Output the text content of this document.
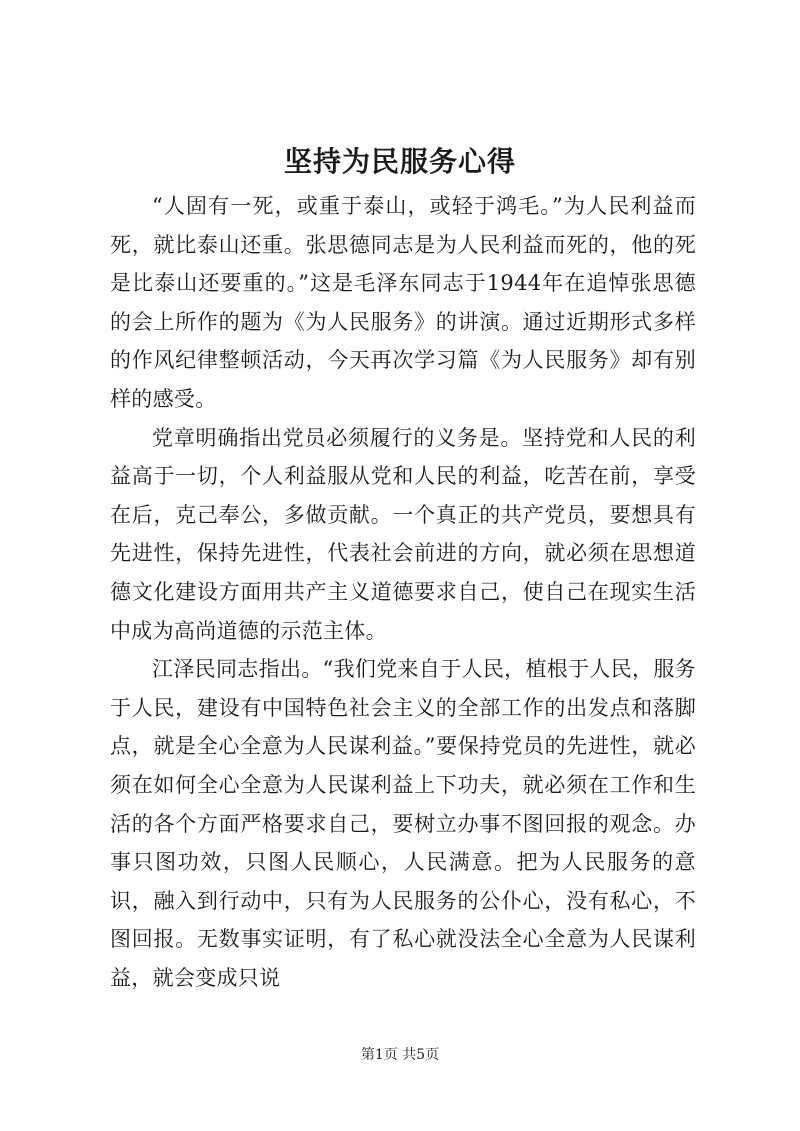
坚持为民服务心得

“人固有一死，或重于泰山，或轻于鸿毛。”为人民利益而死，就比泰山还重。张思德同志是为人民利益而死的，他的死是比泰山还要重的。”这是毛泽东同志于1944年在追悼张思德的会上所作的题为《为人民服务》的讲演。通过近期形式多样的作风纪律整顿活动，今天再次学习篇《为人民服务》却有别样的感受。

党章明确指出党员必须履行的义务是。坚持党和人民的利益高于一切，个人利益服从党和人民的利益，吃苦在前，享受在后，克己奉公，多做贡献。一个真正的共产党员，要想具有先进性，保持先进性，代表社会前进的方向，就必须在思想道德文化建设方面用共产主义道德要求自己，使自己在现实生活中成为高尚道德的示范主体。

江泽民同志指出。“我们党来自于人民，植根于人民，服务于人民，建设有中国特色社会主义的全部工作的出发点和落脚点，就是全心全意为人民谋利益。”要保持党员的先进性，就必须在如何全心全意为人民谋利益上下功夫，就必须在工作和生活的各个方面严格要求自己，要树立办事不图回报的观念。办事只图功效，只图人民顺心，人民满意。把为人民服务的意识，融入到行动中，只有为人民服务的公仆心，没有私心，不图回报。无数事实证明，有了私心就没法全心全意为人民谋利益，就会变成只说

第1页 共5页
